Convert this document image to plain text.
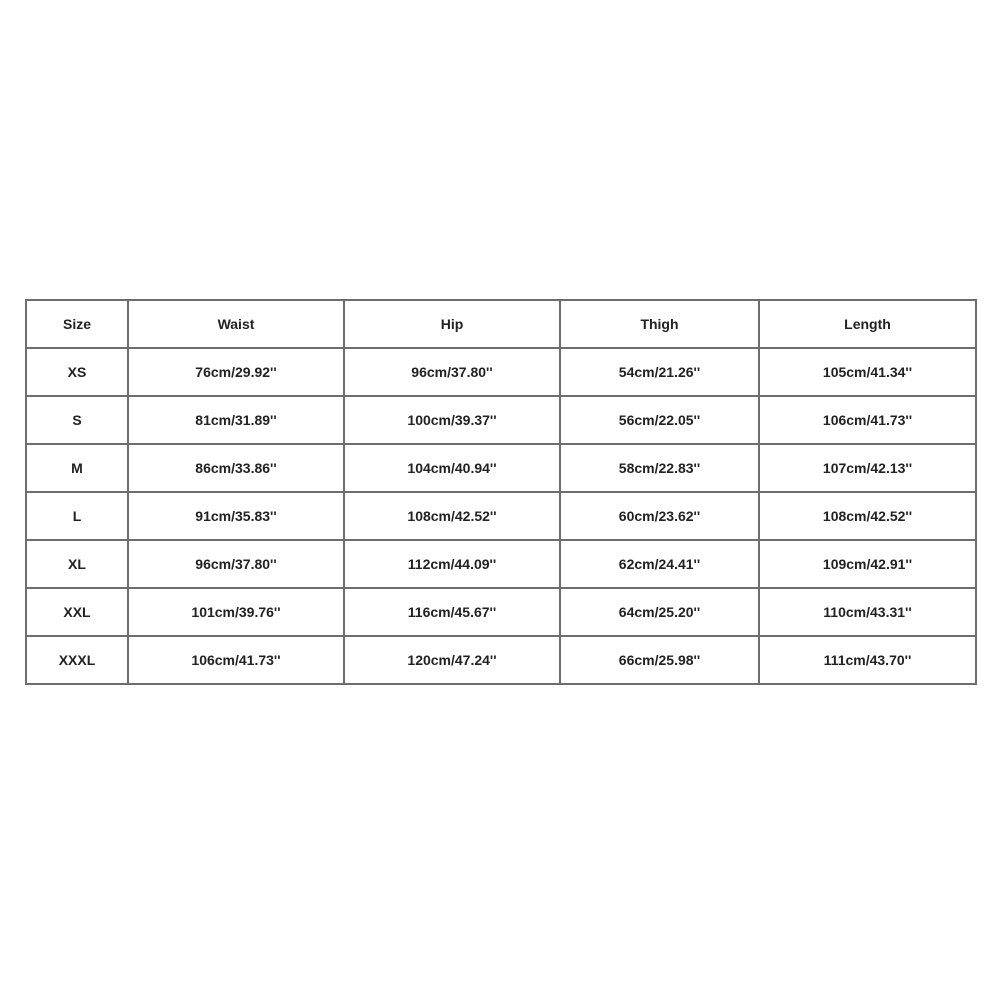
Size	Waist	Hip	Thigh	Length
XS	76cm/29.92''	96cm/37.80''	54cm/21.26''	105cm/41.34''
S	81cm/31.89''	100cm/39.37''	56cm/22.05''	106cm/41.73''
M	86cm/33.86''	104cm/40.94''	58cm/22.83''	107cm/42.13''
L	91cm/35.83''	108cm/42.52''	60cm/23.62''	108cm/42.52''
XL	96cm/37.80''	112cm/44.09''	62cm/24.41''	109cm/42.91''
XXL	101cm/39.76''	116cm/45.67''	64cm/25.20''	110cm/43.31''
XXXL	106cm/41.73''	120cm/47.24''	66cm/25.98''	111cm/43.70''
